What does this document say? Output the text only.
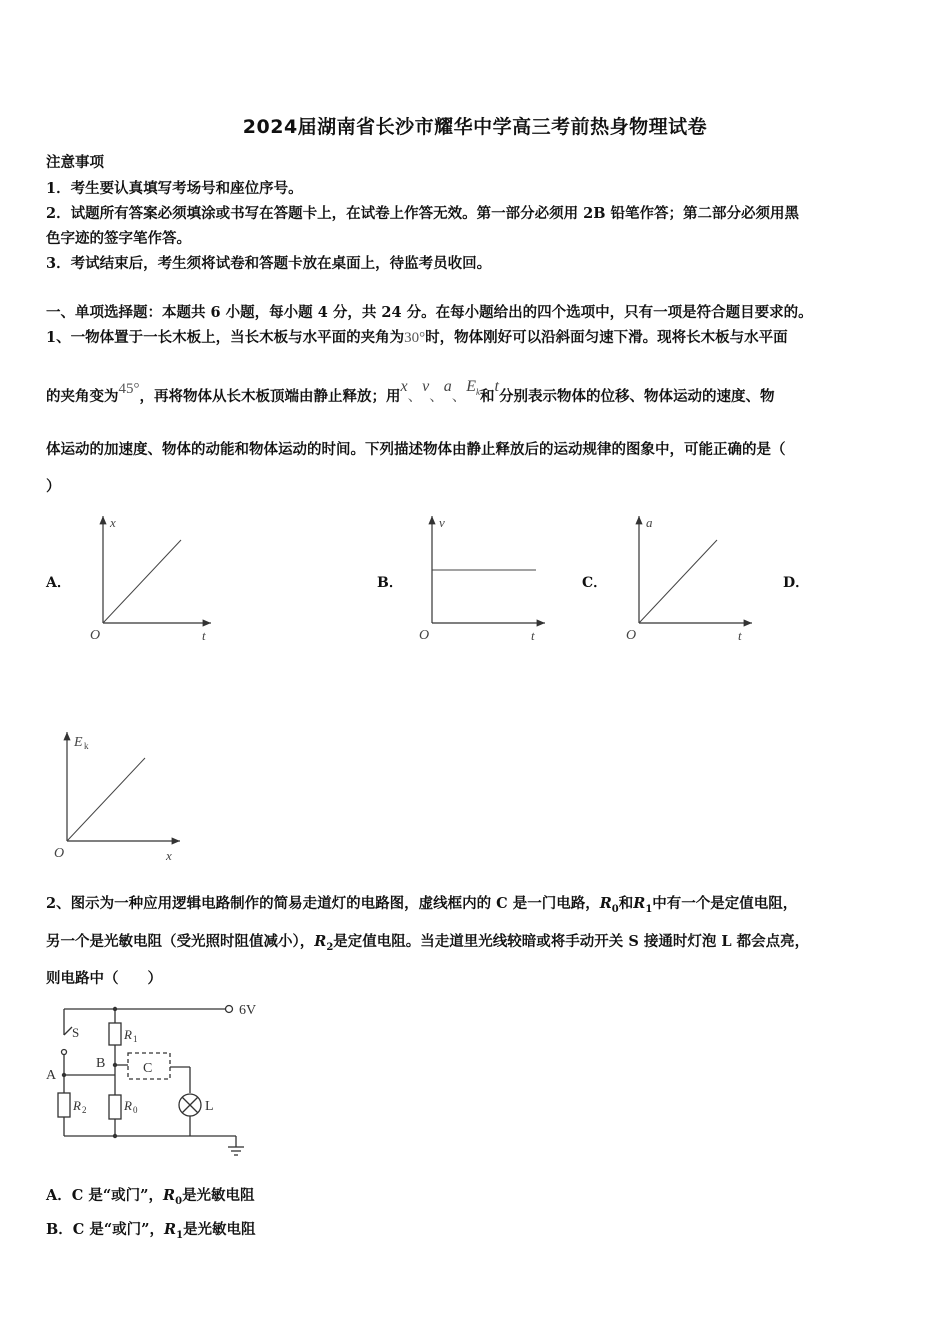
2024届湖南省长沙市耀华中学高三考前热身物理试卷
注意事项
1．考生要认真填写考场号和座位序号。
2．试题所有答案必须填涂或书写在答题卡上，在试卷上作答无效。第一部分必须用 2B 铅笔作答；第二部分必须用黑
色字迹的签字笔作答。
3．考试结束后，考生须将试卷和答题卡放在桌面上，待监考员收回。
一、单项选择题：本题共 6 小题，每小题 4 分，共 24 分。在每小题给出的四个选项中，只有一项是符合题目要求的。
1、一物体置于一长木板上，当长木板与水平面的夹角为30°时，物体刚好可以沿斜面匀速下滑。现将长木板与水平面
的夹角变为45°，再将物体从长木板顶端由静止释放；用x、v、a、$E_k$和t分别表示物体的位移、物体运动的速度、物
体运动的加速度、物体的动能和物体运动的时间。下列描述物体由静止释放后的运动规律的图象中，可能正确的是（
）
A．	B．	C．	D．
x
t
O
v
t
O
a
t
O
E k
x
O
2、图示为一种应用逻辑电路制作的简易走道灯的电路图，虚线框内的 C 是一门电路，$R_0$和$R_1$中有一个是定值电阻，
另一个是光敏电阻（受光照时阻值减小），$R_2$是定值电阻。当走道里光线较暗或将手动开关 S 接通时灯泡 L 都会点亮，
则电路中（　　）
6V
S	R 1
B	C
A
R 2	R 0	L
A．C 是“或门”，$R_0$是光敏电阻
B．C 是“或门”，$R_1$是光敏电阻
